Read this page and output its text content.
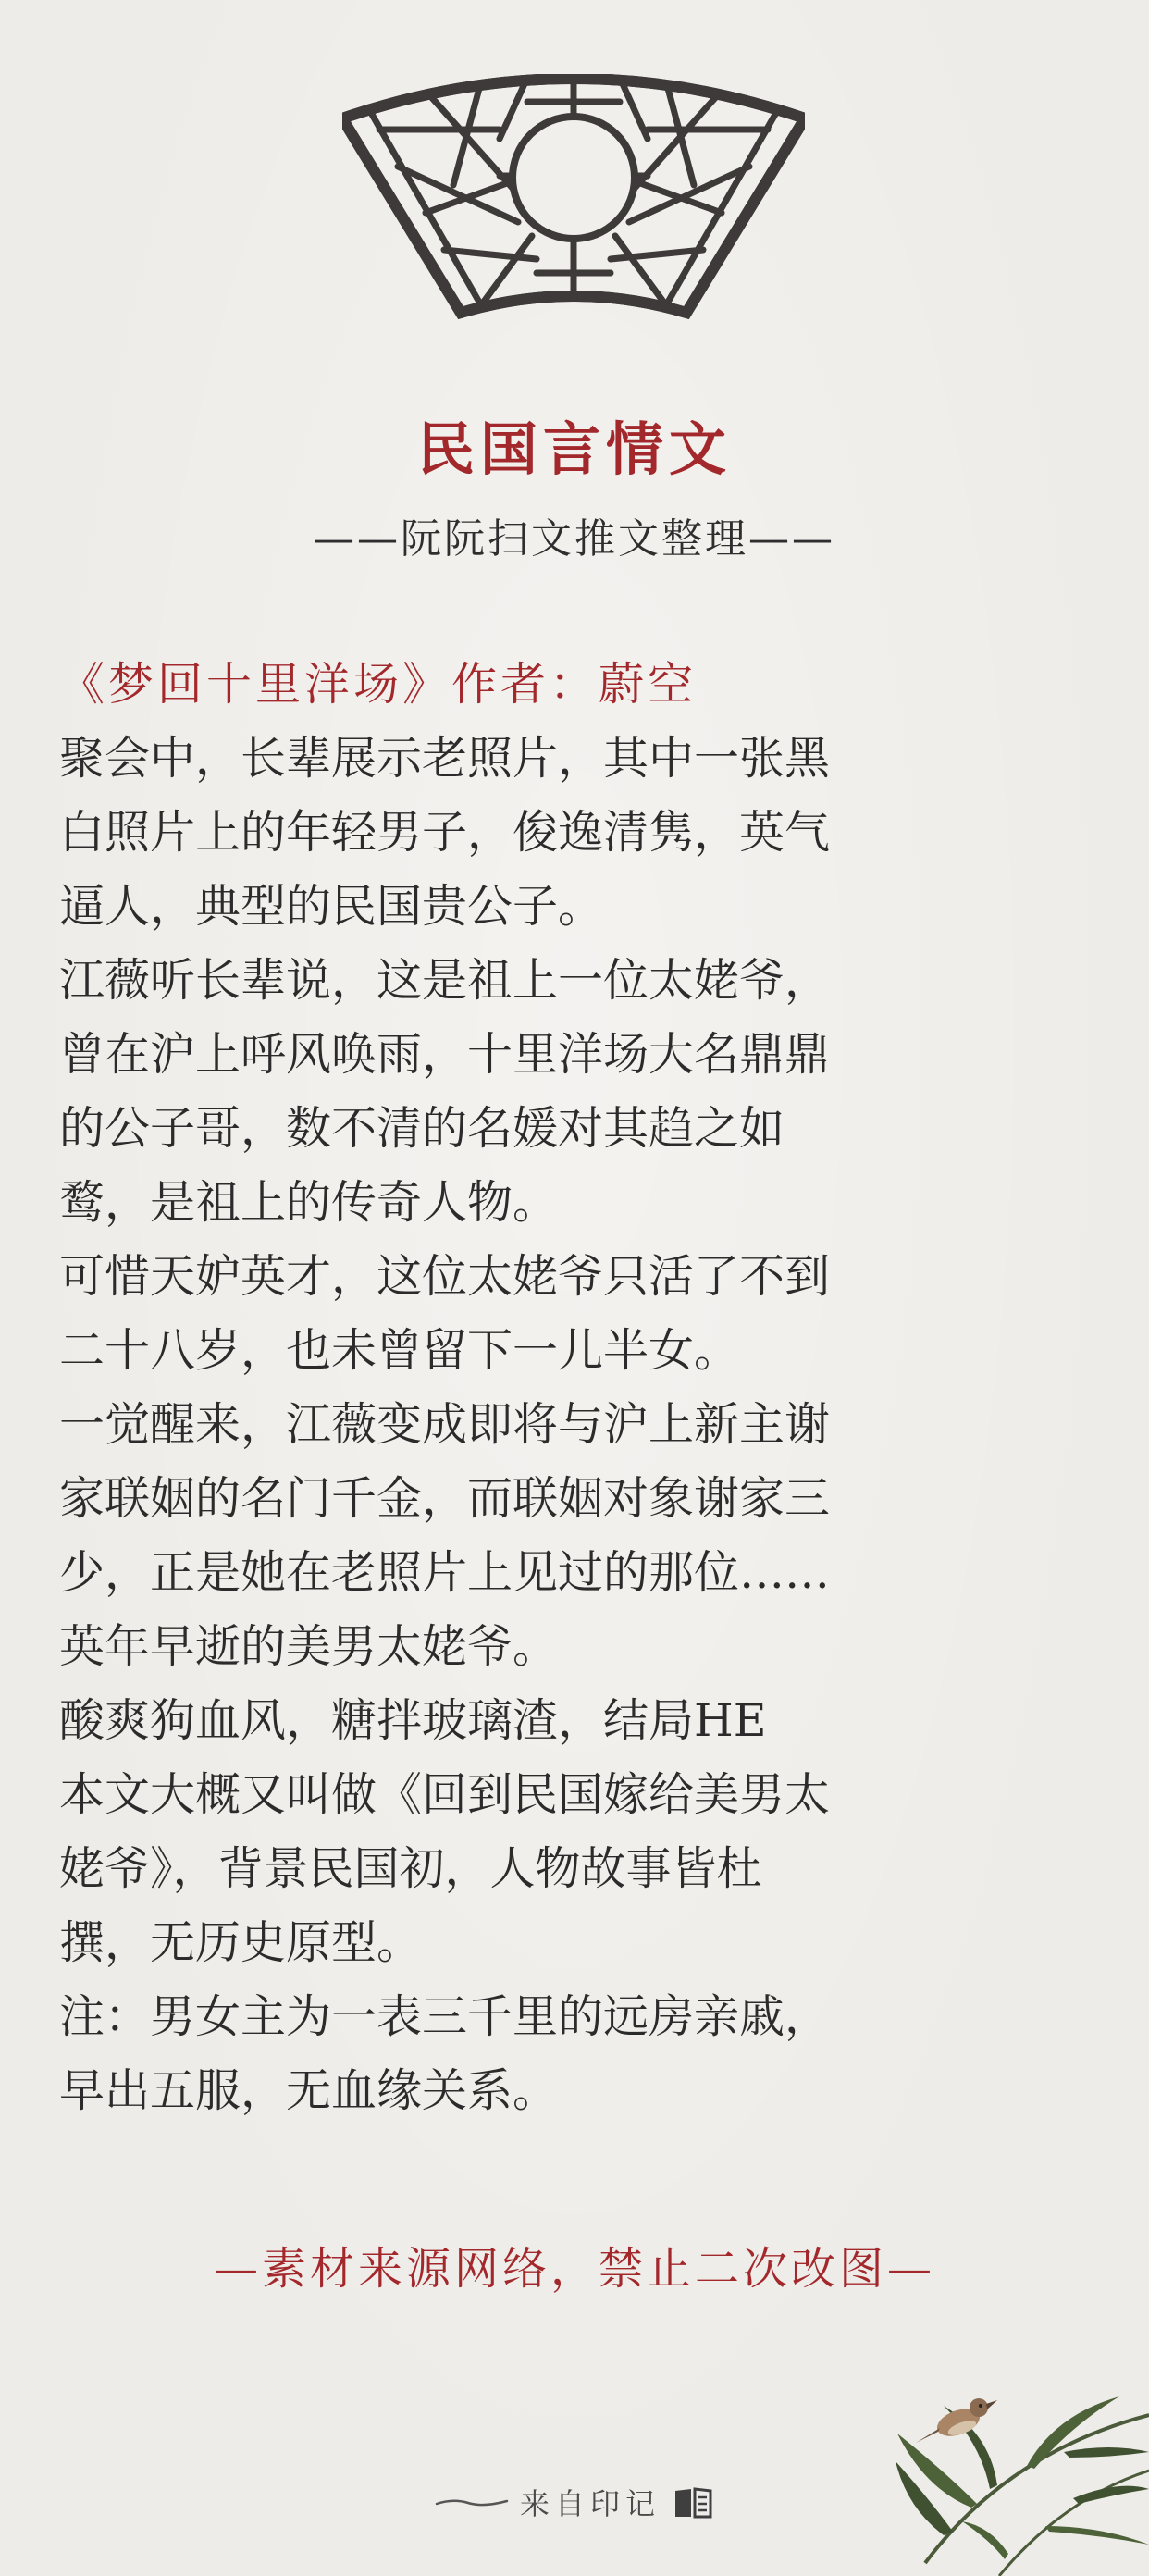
民国言情文
——阮阮扫文推文整理——
《梦回十里洋场》作者：蔚空
聚会中，长辈展示老照片，其中一张黑
白照片上的年轻男子，俊逸清隽，英气
逼人，典型的民国贵公子。
江薇听长辈说，这是祖上一位太姥爷，
曾在沪上呼风唤雨，十里洋场大名鼎鼎
的公子哥，数不清的名媛对其趋之如
鹜，是祖上的传奇人物。
可惜天妒英才，这位太姥爷只活了不到
二十八岁，也未曾留下一儿半女。
一觉醒来，江薇变成即将与沪上新主谢
家联姻的名门千金，而联姻对象谢家三
少，正是她在老照片上见过的那位……
英年早逝的美男太姥爷。
酸爽狗血风，糖拌玻璃渣，结局HE
本文大概又叫做《回到民国嫁给美男太
姥爷》，背景民国初，人物故事皆杜
撰，无历史原型。
注：男女主为一表三千里的远房亲戚，
早出五服，无血缘关系。
—素材来源网络，禁止二次改图—
来自印记
